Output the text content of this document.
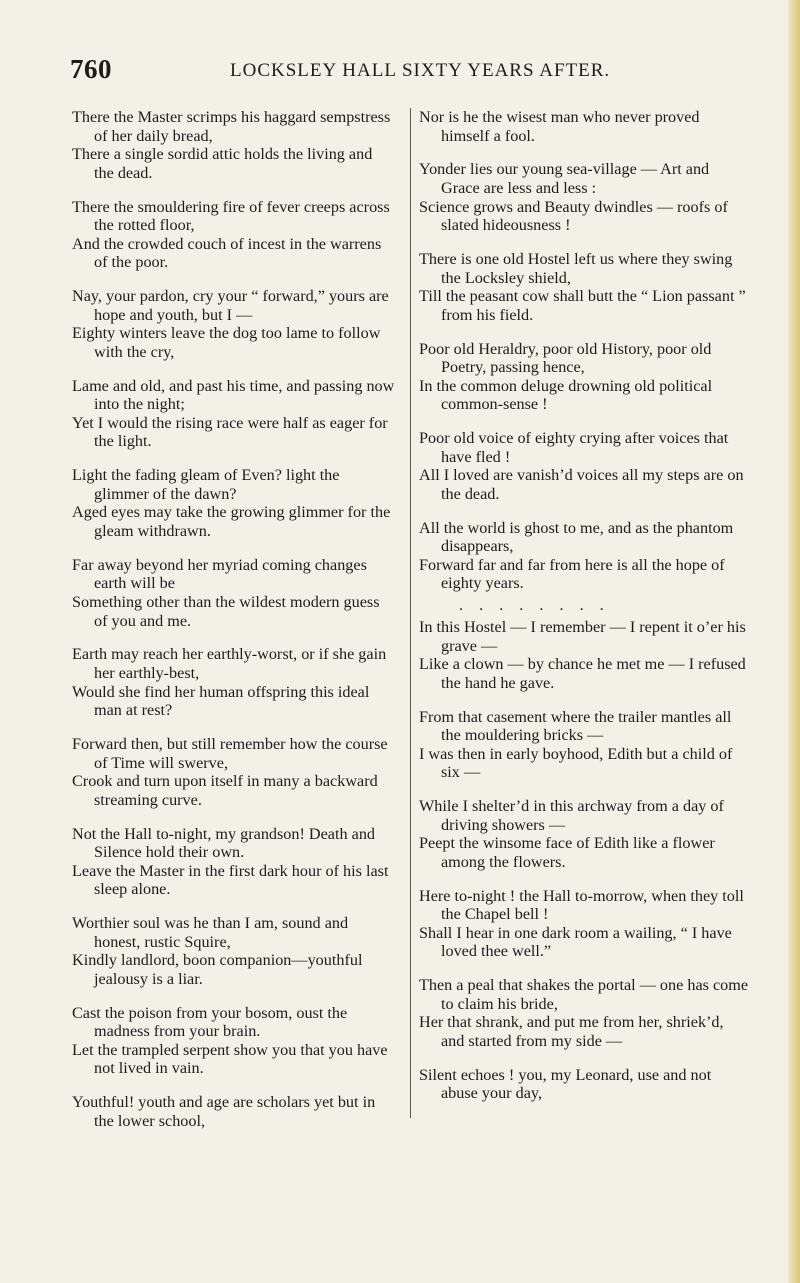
760	LOCKSLEY HALL SIXTY YEARS AFTER.
There the Master scrimps his haggard sempstress of her daily bread,
There a single sordid attic holds the living and the dead.
There the smouldering fire of fever creeps across the rotted floor,
And the crowded couch of incest in the warrens of the poor.
Nay, your pardon, cry your “ forward,” yours are hope and youth, but I —
Eighty winters leave the dog too lame to follow with the cry,
Lame and old, and past his time, and passing now into the night;
Yet I would the rising race were half as eager for the light.
Light the fading gleam of Even? light the glimmer of the dawn?
Aged eyes may take the growing glimmer for the gleam withdrawn.
Far away beyond her myriad coming changes earth will be
Something other than the wildest modern guess of you and me.
Earth may reach her earthly-worst, or if she gain her earthly-best,
Would she find her human offspring this ideal man at rest?
Forward then, but still remember how the course of Time will swerve,
Crook and turn upon itself in many a backward streaming curve.
Not the Hall to-night, my grandson! Death and Silence hold their own.
Leave the Master in the first dark hour of his last sleep alone.
Worthier soul was he than I am, sound and honest, rustic Squire,
Kindly landlord, boon companion—youthful jealousy is a liar.
Cast the poison from your bosom, oust the madness from your brain.
Let the trampled serpent show you that you have not lived in vain.
Youthful! youth and age are scholars yet but in the lower school,
Nor is he the wisest man who never proved himself a fool.
Yonder lies our young sea-village — Art and Grace are less and less :
Science grows and Beauty dwindles — roofs of slated hideousness !
There is one old Hostel left us where they swing the Locksley shield,
Till the peasant cow shall butt the “ Lion passant ” from his field.
Poor old Heraldry, poor old History, poor old Poetry, passing hence,
In the common deluge drowning old political common-sense !
Poor old voice of eighty crying after voices that have fled !
All I loved are vanish’d voices all my steps are on the dead.
All the world is ghost to me, and as the phantom disappears,
Forward far and far from here is all the hope of eighty years.
. . . . . . . .
In this Hostel — I remember — I repent it o’er his grave —
Like a clown — by chance he met me — I refused the hand he gave.
From that casement where the trailer mantles all the mouldering bricks —
I was then in early boyhood, Edith but a child of six —
While I shelter’d in this archway from a day of driving showers —
Peept the winsome face of Edith like a flower among the flowers.
Here to-night ! the Hall to-morrow, when they toll the Chapel bell !
Shall I hear in one dark room a wailing, “ I have loved thee well.”
Then a peal that shakes the portal — one has come to claim his bride,
Her that shrank, and put me from her, shriek’d, and started from my side —
Silent echoes ! you, my Leonard, use and not abuse your day,
